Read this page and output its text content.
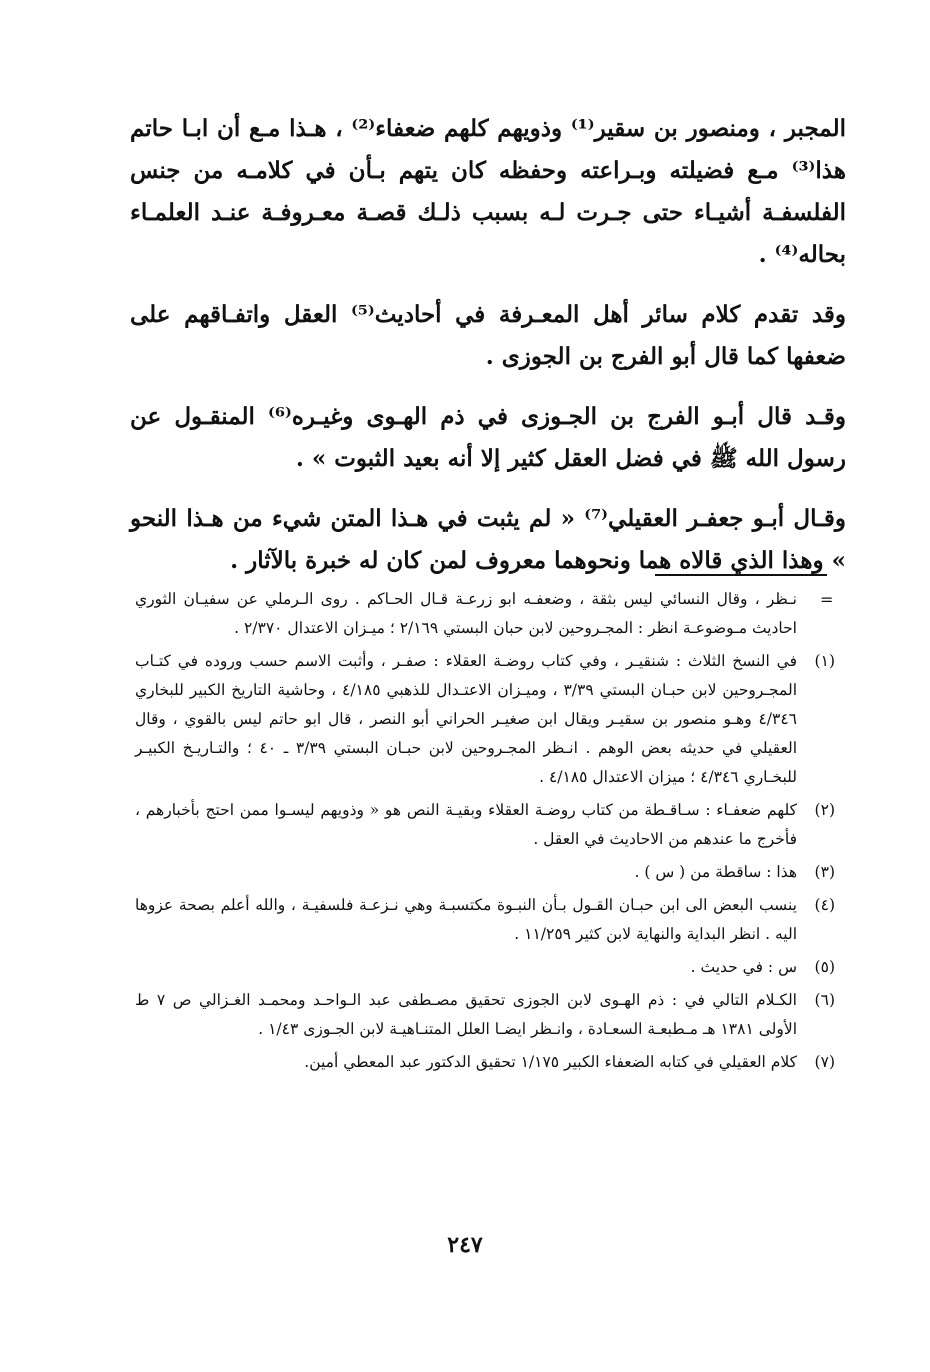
المجبر ، ومنصور بن سقير⁽¹⁾ وذويهم كلهم ضعفاء⁽²⁾ ، هـذا مـع أن ابـا حاتم هذا⁽³⁾ مـع فضيلته وبـراعته وحفظه كان يتهم بـأن في كلامـه من جنس الفلسفـة أشيـاء حتى جـرت لـه بسبب ذلـك قصـة معـروفـة عنـد العلمـاء بحاله⁽⁴⁾ .

وقد تقدم كلام سائر أهل المعـرفة في أحاديث⁽⁵⁾ العقل واتفـاقهم على ضعفها كما قال أبو الفرج بن الجوزى .

وقـد قال أبـو الفرج بن الجـوزى في ذم الهـوى وغيـره⁽⁶⁾ المنقـول عن رسول الله ﷺ في فضل العقل كثير إلا أنه بعيد الثبوت » .

وقـال أبـو جعفـر العقيلي⁽⁷⁾ « لم يثبت في هـذا المتن شيء من هـذا النحو » وهذا الذي قالاه هما ونحوهما معروف لمن كان له خبرة بالآثار .

=
نـظر ، وقال النسائي ليس بثقة ، وضعفـه ابو زرعـة قـال الحـاكم . روى الـرملي عن سفيـان الثوري احاديث مـوضوعـة انظر : المجـروحين لابن حبان البستي ٢/١٦٩ ؛ ميـزان الاعتدال ٢/٣٧٠ .
(١)
في النسخ الثلاث : شنقيـر ، وفي كتاب روضـة العقلاء : صفـر ، وأثبت الاسم حسب وروده في كتـاب المجـروحين لابن حبـان البستي ٣/٣٩ ، وميـزان الاعتـدال للذهبي ٤/١٨٥ ، وحاشية التاريخ الكبير للبخاري ٤/٣٤٦ وهـو منصور بن سقيـر ويقال ابن صغيـر الحراني أبو النصر ، قال ابو حاتم ليس بالقوي ، وقال العقيلي في حديثه بعض الوهم . انـظر المجـروحين لابن حبـان البستي ٣/٣٩ ـ ٤٠ ؛ والتـاريـخ الكبيـر للبخـاري ٤/٣٤٦ ؛ ميزان الاعتدال ٤/١٨٥ .
(٢)
كلهم ضعفـاء : سـاقـطة من كتاب روضـة العقلاء وبقيـة النص هو « وذويهم ليسـوا ممن احتج بأخبارهم ، فأخرج ما عندهم من الاحاديث في العقل .
(٣)
هذا : ساقطة من ( س ) .
(٤)
ينسب البعض الى ابن حبـان القـول بـأن النبـوة مكتسبـة وهي نـزعـة فلسفيـة ، والله أعلم بصحة عزوها اليه . انظر البداية والنهاية لابن كثير ١١/٢٥٩ .
(٥)
س : في حديث .
(٦)
الكـلام التالي في : ذم الهـوى لابن الجوزى تحقيق مصـطفى عبد الـواحـد ومحمـد الغـزالي ص ٧ ط الأولى ١٣٨١ هـ مـطبعـة السعـادة ، وانـظر ايضـا العلل المتنـاهيـة لابن الجـوزى ١/٤٣ .
(٧)
كلام العقيلي في كتابه الضعفاء الكبير ١/١٧٥ تحقيق الدكتور عبد المعطي أمين.
٢٤٧
